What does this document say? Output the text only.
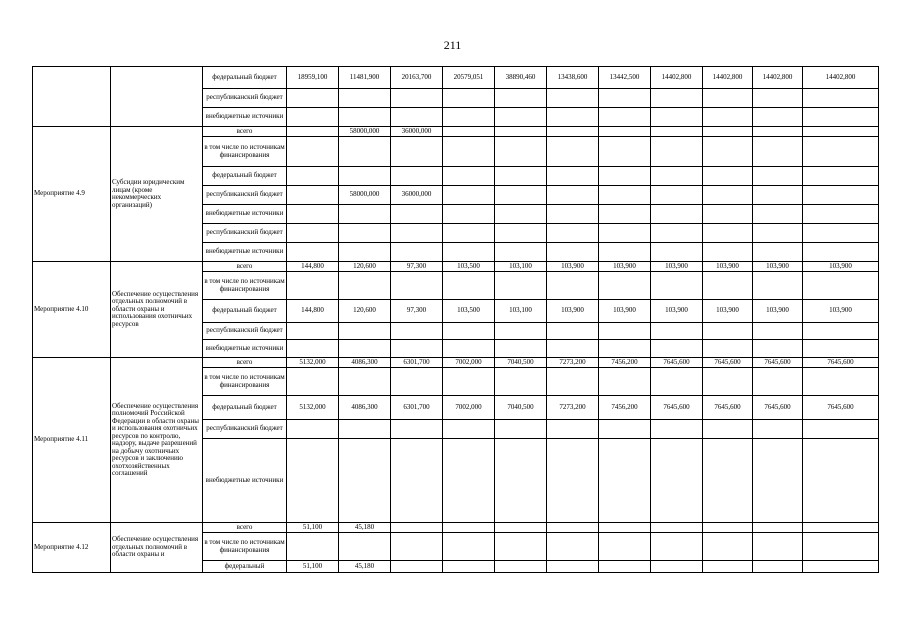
211
		федеральный бюджет	18959,100	11481,900	20163,700	20579,051	38890,460	13438,600	13442,500	14402,800	14402,800	14402,800	14402,800
		республиканский бюджет											
		внебюджетные источники											
Мероприятие 4.9	Субсидии юридическим лицам (кроме некоммерческих организаций)	всего		58000,000	36000,000								
		в том числе по источникам финансирования											
		федеральный бюджет											
		республиканский бюджет		58000,000	36000,000								
		внебюджетные источники											
		республиканский бюджет											
		внебюджетные источники											
Мероприятие 4.10	Обеспечение осуществления отдельных полномочий в области охраны и использования охотничьих ресурсов	всего	144,800	120,600	97,300	103,500	103,100	103,900	103,900	103,900	103,900	103,900	103,900
		в том числе по источникам финансирования											
		федеральный бюджет	144,800	120,600	97,300	103,500	103,100	103,900	103,900	103,900	103,900	103,900	103,900
		республиканский бюджет											
		внебюджетные источники											
Мероприятие 4.11	Обеспечение осуществления полномочий Российской Федерации в области охраны и использования охотничьих ресурсов по контролю, надзору, выдаче разрешений на добычу охотничьих ресурсов и заключению охотхозяйственных соглашений	всего	5132,000	4086,300	6301,700	7002,000	7040,500	7273,200	7456,200	7645,600	7645,600	7645,600	7645,600
		в том числе по источникам финансирования											
		федеральный бюджет	5132,000	4086,300	6301,700	7002,000	7040,500	7273,200	7456,200	7645,600	7645,600	7645,600	7645,600
		республиканский бюджет											
		внебюджетные источники											
Мероприятие 4.12	Обеспечение осуществления отдельных полномочий в области охраны и	всего	51,100	45,180									
		в том числе по источникам финансирования											
		федеральный	51,100	45,180									
